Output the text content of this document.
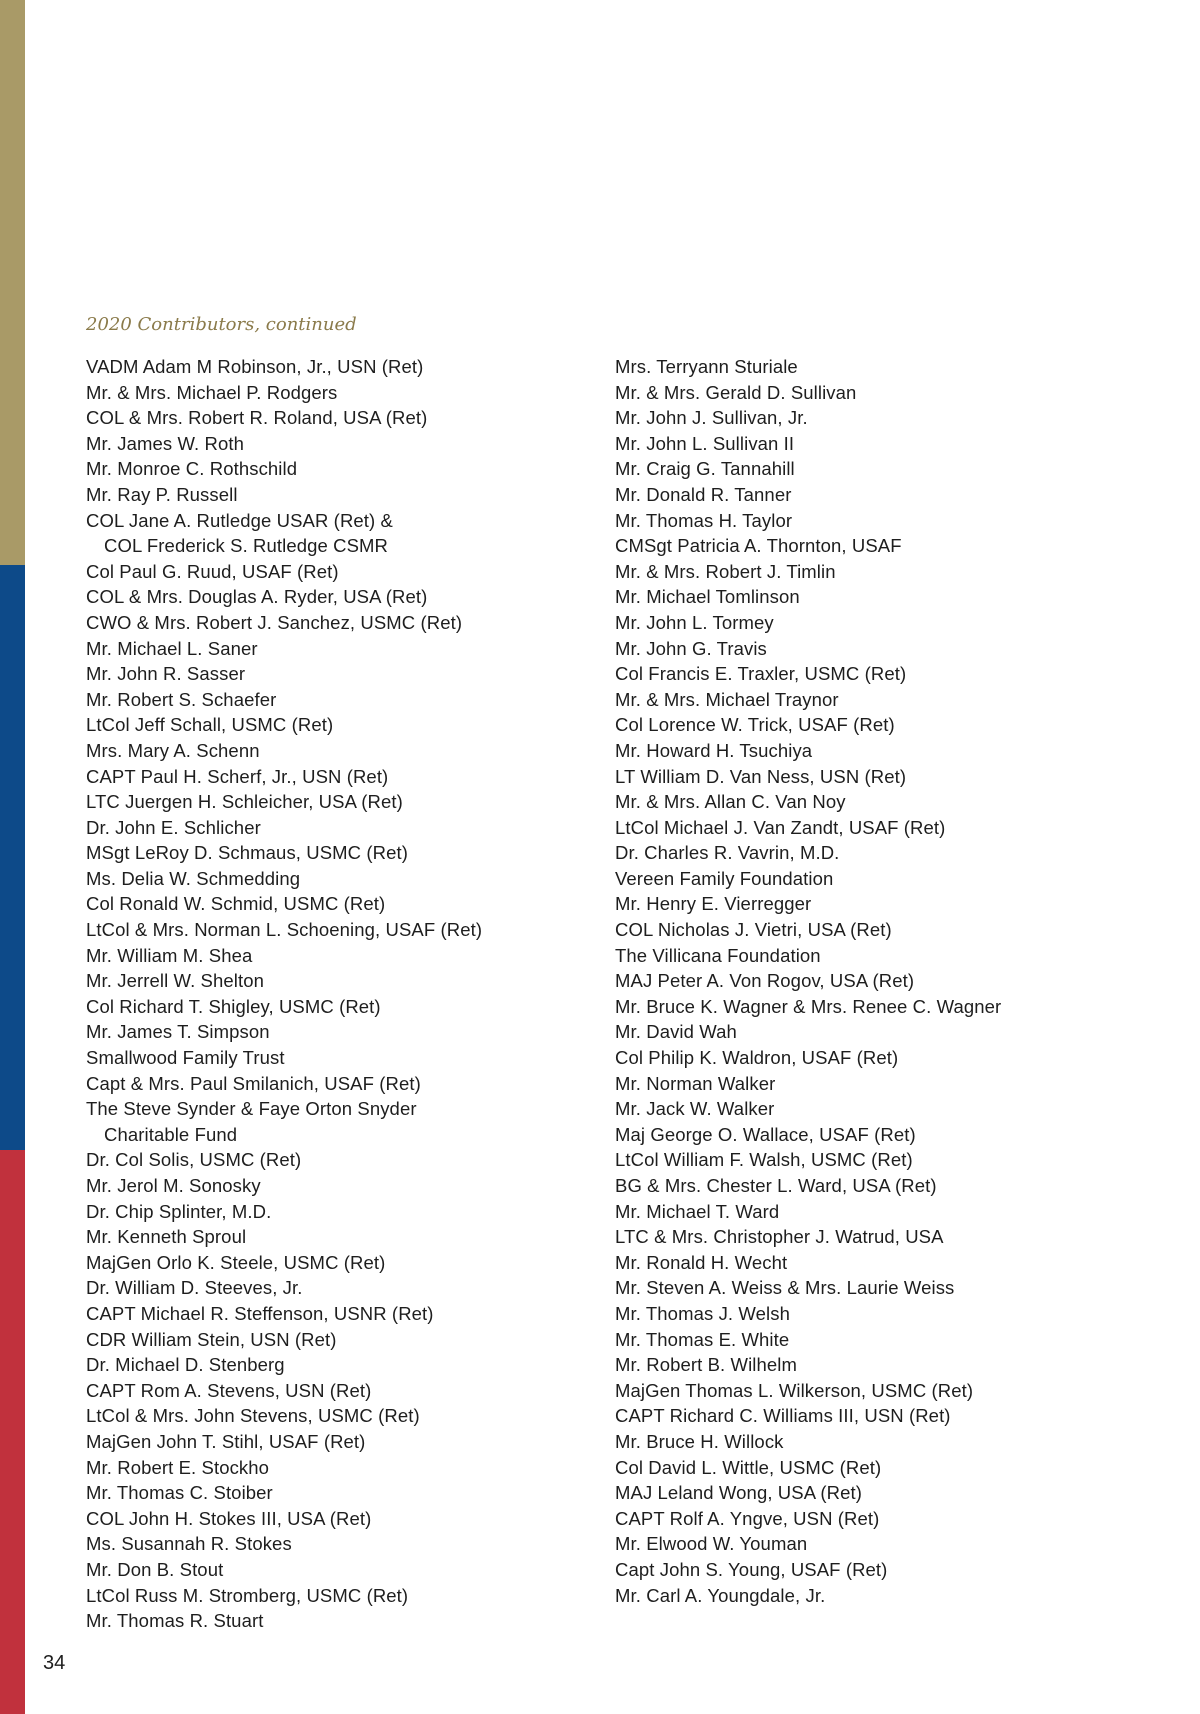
2020 Contributors, continued
VADM Adam M Robinson, Jr., USN (Ret)
Mr. & Mrs. Michael P. Rodgers
COL & Mrs. Robert R. Roland, USA (Ret)
Mr. James W. Roth
Mr. Monroe C. Rothschild
Mr. Ray P. Russell
COL Jane A. Rutledge USAR (Ret) &
COL Frederick S. Rutledge CSMR
Col Paul G. Ruud, USAF (Ret)
COL & Mrs. Douglas A. Ryder, USA (Ret)
CWO & Mrs. Robert J. Sanchez, USMC (Ret)
Mr. Michael L. Saner
Mr. John R. Sasser
Mr. Robert S. Schaefer
LtCol Jeff Schall, USMC (Ret)
Mrs. Mary A. Schenn
CAPT Paul H. Scherf, Jr., USN (Ret)
LTC Juergen H. Schleicher, USA (Ret)
Dr. John E. Schlicher
MSgt LeRoy D. Schmaus, USMC (Ret)
Ms. Delia W. Schmedding
Col Ronald W. Schmid, USMC (Ret)
LtCol & Mrs. Norman L. Schoening, USAF (Ret)
Mr. William M. Shea
Mr. Jerrell W. Shelton
Col Richard T. Shigley, USMC (Ret)
Mr. James T. Simpson
Smallwood Family Trust
Capt & Mrs. Paul Smilanich, USAF (Ret)
The Steve Synder & Faye Orton Snyder
Charitable Fund
Dr. Col Solis, USMC (Ret)
Mr. Jerol M. Sonosky
Dr. Chip Splinter, M.D.
Mr. Kenneth Sproul
MajGen Orlo K. Steele, USMC (Ret)
Dr. William D. Steeves, Jr.
CAPT Michael R. Steffenson, USNR (Ret)
CDR William Stein, USN (Ret)
Dr. Michael D. Stenberg
CAPT Rom A. Stevens, USN (Ret)
LtCol & Mrs. John Stevens, USMC (Ret)
MajGen John T. Stihl, USAF (Ret)
Mr. Robert E. Stockho
Mr. Thomas C. Stoiber
COL John H. Stokes III, USA (Ret)
Ms. Susannah R. Stokes
Mr. Don B. Stout
LtCol Russ M. Stromberg, USMC (Ret)
Mr. Thomas R. Stuart
Mrs. Terryann Sturiale
Mr. & Mrs. Gerald D. Sullivan
Mr. John J. Sullivan, Jr.
Mr. John L. Sullivan II
Mr. Craig G. Tannahill
Mr. Donald R. Tanner
Mr. Thomas H. Taylor
CMSgt Patricia A. Thornton, USAF
Mr. & Mrs. Robert J. Timlin
Mr. Michael Tomlinson
Mr. John L. Tormey
Mr. John G. Travis
Col Francis E. Traxler, USMC (Ret)
Mr. & Mrs. Michael Traynor
Col Lorence W. Trick, USAF (Ret)
Mr. Howard H. Tsuchiya
LT William D. Van Ness, USN (Ret)
Mr. & Mrs. Allan C. Van Noy
LtCol Michael J. Van Zandt, USAF (Ret)
Dr. Charles R. Vavrin, M.D.
Vereen Family Foundation
Mr. Henry E. Vierregger
COL Nicholas J. Vietri, USA (Ret)
The Villicana Foundation
MAJ Peter A. Von Rogov, USA (Ret)
Mr. Bruce K. Wagner & Mrs. Renee C. Wagner
Mr. David Wah
Col Philip K. Waldron, USAF (Ret)
Mr. Norman Walker
Mr. Jack W. Walker
Maj George O. Wallace, USAF (Ret)
LtCol William F. Walsh, USMC (Ret)
BG & Mrs. Chester L. Ward, USA (Ret)
Mr. Michael T. Ward
LTC & Mrs. Christopher J. Watrud, USA
Mr. Ronald H. Wecht
Mr. Steven A. Weiss & Mrs. Laurie Weiss
Mr. Thomas J. Welsh
Mr. Thomas E. White
Mr. Robert B. Wilhelm
MajGen Thomas L. Wilkerson, USMC (Ret)
CAPT Richard C. Williams III, USN (Ret)
Mr. Bruce H. Willock
Col David L. Wittle, USMC (Ret)
MAJ Leland Wong, USA (Ret)
CAPT Rolf A. Yngve, USN (Ret)
Mr. Elwood W. Youman
Capt John S. Young, USAF (Ret)
Mr. Carl A. Youngdale, Jr.
34
